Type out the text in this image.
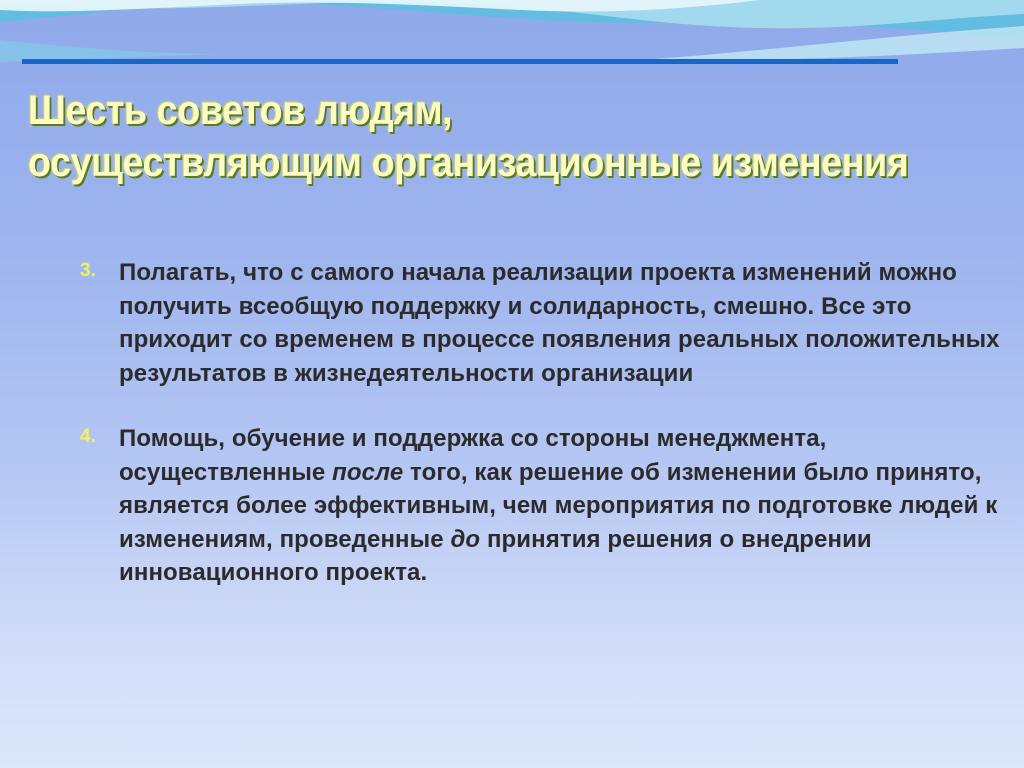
Шесть советов людям,
осуществляющим организационные изменения
3. Полагать, что с самого начала реализации проекта изменений можно получить всеобщую поддержку и солидарность, смешно. Все это приходит со временем в процессе появления реальных положительных результатов в жизнедеятельности организации
4. Помощь, обучение и поддержка со стороны менеджмента, осуществленные после того, как решение об изменении было принято, является более эффективным, чем мероприятия по подготовке людей к изменениям, проведенные до принятия решения о внедрении инновационного проекта.
